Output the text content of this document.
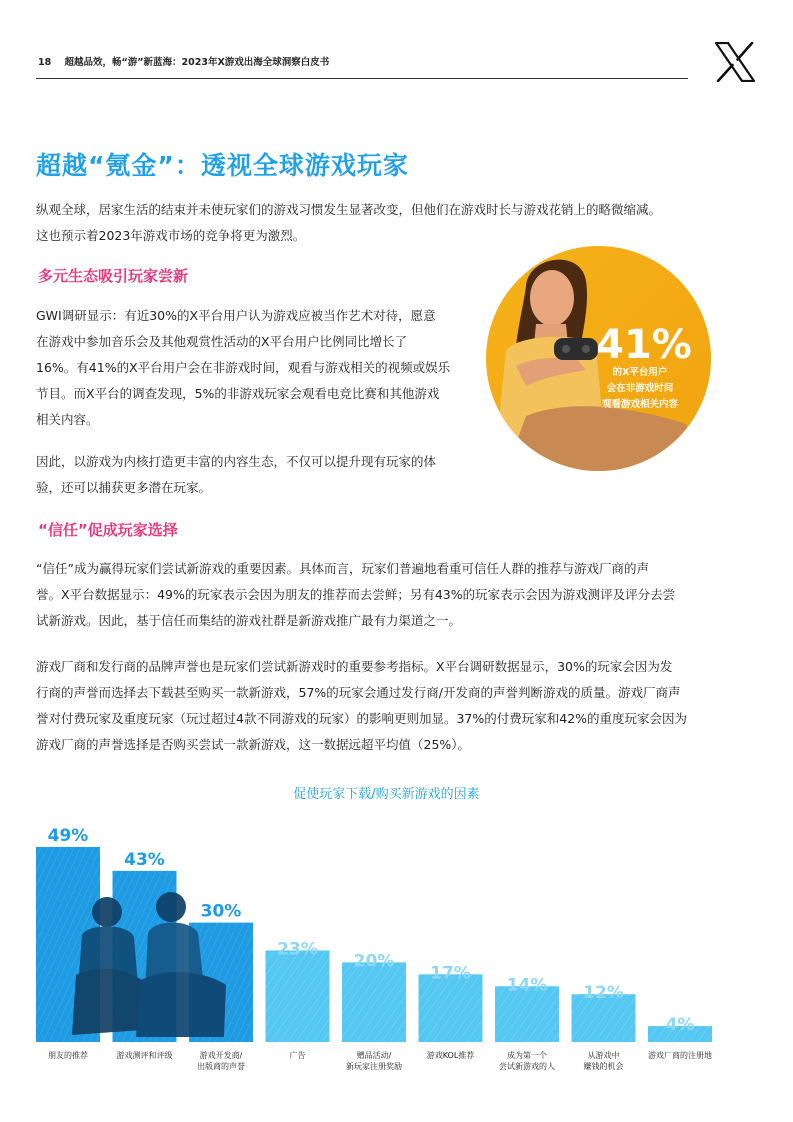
18 超越品效，畅“游”新蓝海：2023年X游戏出海全球洞察白皮书
超越“氪金”：透视全球游戏玩家
纵观全球，居家生活的结束并未使玩家们的游戏习惯发生显著改变，但他们在游戏时长与游戏花销上的略微缩减。
这也预示着2023年游戏市场的竞争将更为激烈。
多元生态吸引玩家尝新
GWI调研显示：有近30%的X平台用户认为游戏应被当作艺术对待，愿意
在游戏中参加音乐会及其他观赏性活动的X平台用户比例同比增长了
16%。有41%的X平台用户会在非游戏时间，观看与游戏相关的视频或娱乐
节目。而X平台的调查发现，5%的非游戏玩家会观看电竞比赛和其他游戏
相关内容。
因此，以游戏为内核打造更丰富的内容生态，不仅可以提升现有玩家的体
验，还可以捕获更多潜在玩家。
41%
的X平台用户
会在非游戏时间
观看游戏相关内容
“信任”促成玩家选择
“信任”成为赢得玩家们尝试新游戏的重要因素。具体而言，玩家们普遍地看重可信任人群的推荐与游戏厂商的声
誉。X平台数据显示：49%的玩家表示会因为朋友的推荐而去尝鲜；另有43%的玩家表示会因为游戏测评及评分去尝
试新游戏。因此，基于信任而集结的游戏社群是新游戏推广最有力渠道之一。
游戏厂商和发行商的品牌声誉也是玩家们尝试新游戏时的重要参考指标。X平台调研数据显示，30%的玩家会因为发
行商的声誉而选择去下载甚至购买一款新游戏，57%的玩家会通过发行商/开发商的声誉判断游戏的质量。游戏厂商声
誉对付费玩家及重度玩家（玩过超过4款不同游戏的玩家）的影响更则加显。37%的付费玩家和42%的重度玩家会因为
游戏厂商的声誉选择是否购买尝试一款新游戏，这一数据远超平均值（25%）。
促使玩家下载/购买新游戏的因素
49%
43%
30%
23%
20%
17%
14% 12%
4%
朋友的推荐	游戏测评和评级	游戏开发商/
出版商的声誉
广告	赠品活动/
新玩家注册奖励
游戏KOL推荐	成为第一个
尝试新游戏的人
从游戏中
赚钱的机会
游戏厂商的注册地
